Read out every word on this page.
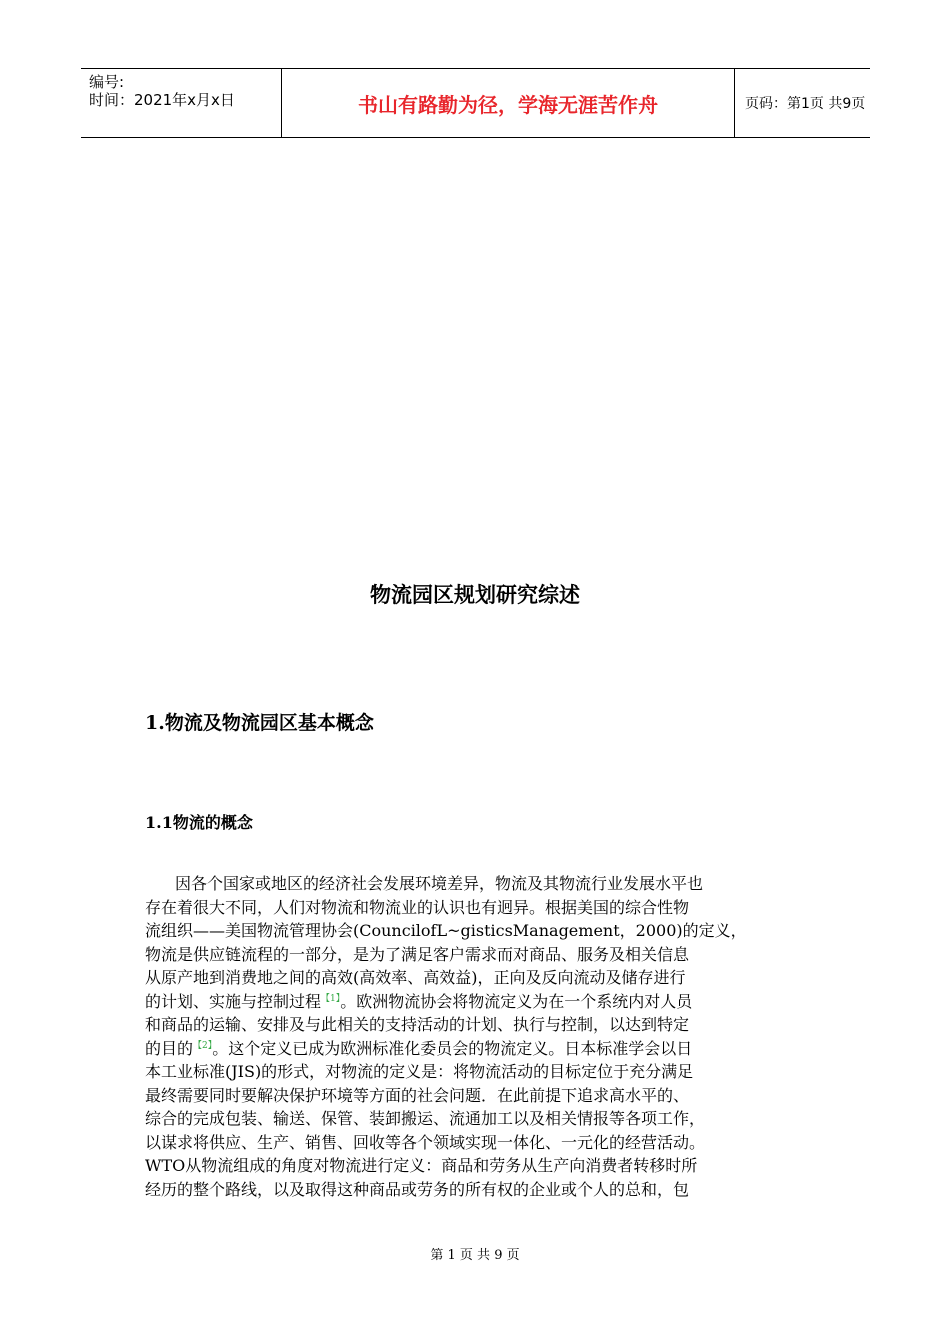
编号:
时间：2021年x月x日	书山有路勤为径，学海无涯苦作舟	页码：第1页 共9页
物流园区规划研究综述
1.物流及物流园区基本概念
1.1物流的概念
因各个国家或地区的经济社会发展环境差异，物流及其物流行业发展水平也
存在着很大不同，人们对物流和物流业的认识也有迥异。根据美国的综合性物
流组织——美国物流管理协会(CouncilofL~gisticsManagement，2000)的定义，
物流是供应链流程的一部分，是为了满足客户需求而对商品、服务及相关信息
从原产地到消费地之间的高效(高效率、高效益)，正向及反向流动及储存进行
的计划、实施与控制过程$^{【1】}$。欧洲物流协会将物流定义为在一个系统内对人员
和商品的运输、安排及与此相关的支持活动的计划、执行与控制，以达到特定
的目的$^{【2】}$。这个定义已成为欧洲标准化委员会的物流定义。日本标准学会以日
本工业标准(JIS)的形式，对物流的定义是：将物流活动的目标定位于充分满足
最终需要同时要解决保护环境等方面的社会问题．在此前提下追求高水平的、
综合的完成包装、输送、保管、装卸搬运、流通加工以及相关情报等各项工作，
以谋求将供应、生产、销售、回收等各个领域实现一体化、一元化的经营活动。
WTO从物流组成的角度对物流进行定义：商品和劳务从生产向消费者转移时所
经历的整个路线，以及取得这种商品或劳务的所有权的企业或个人的总和，包
第 1 页 共 9 页
